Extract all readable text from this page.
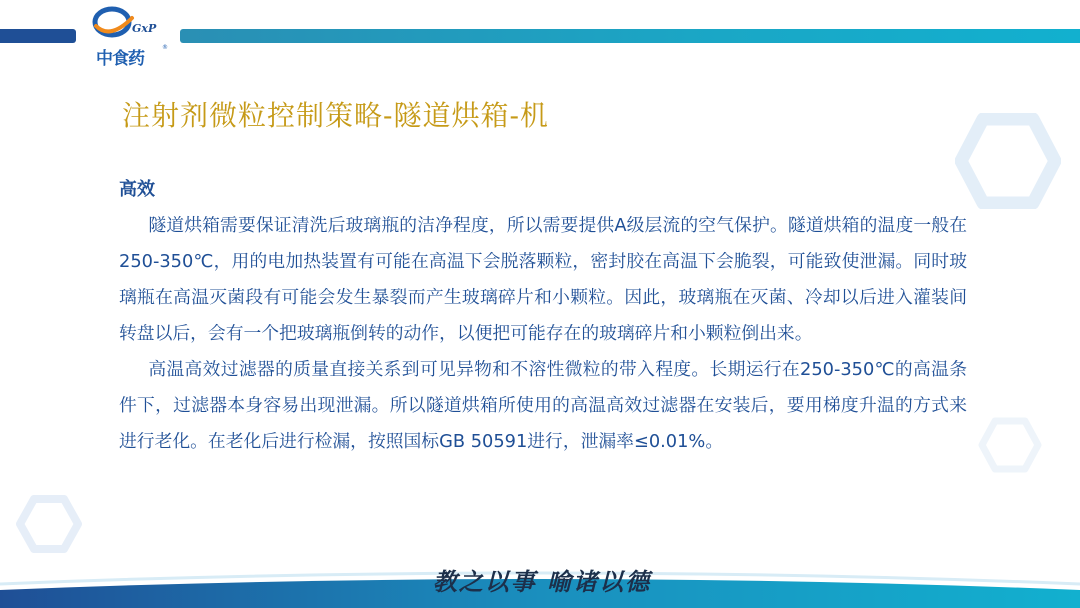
GxP
中食药
®
注射剂微粒控制策略-隧道烘箱-机
高效

隧道烘箱需要保证清洗后玻璃瓶的洁净程度，所以需要提供A级层流的空气保护。隧道烘箱的温度一般在250-350℃，用的电加热装置有可能在高温下会脱落颗粒，密封胶在高温下会脆裂，可能致使泄漏。同时玻璃瓶在高温灭菌段有可能会发生暴裂而产生玻璃碎片和小颗粒。因此，玻璃瓶在灭菌、冷却以后进入灌装间转盘以后，会有一个把玻璃瓶倒转的动作，以便把可能存在的玻璃碎片和小颗粒倒出来。

高温高效过滤器的质量直接关系到可见异物和不溶性微粒的带入程度。长期运行在250-350℃的高温条件下，过滤器本身容易出现泄漏。所以隧道烘箱所使用的高温高效过滤器在安装后，要用梯度升温的方式来进行老化。在老化后进行检漏，按照国标GB 50591进行，泄漏率≤0.01%。

教之以事 喻诸以德
